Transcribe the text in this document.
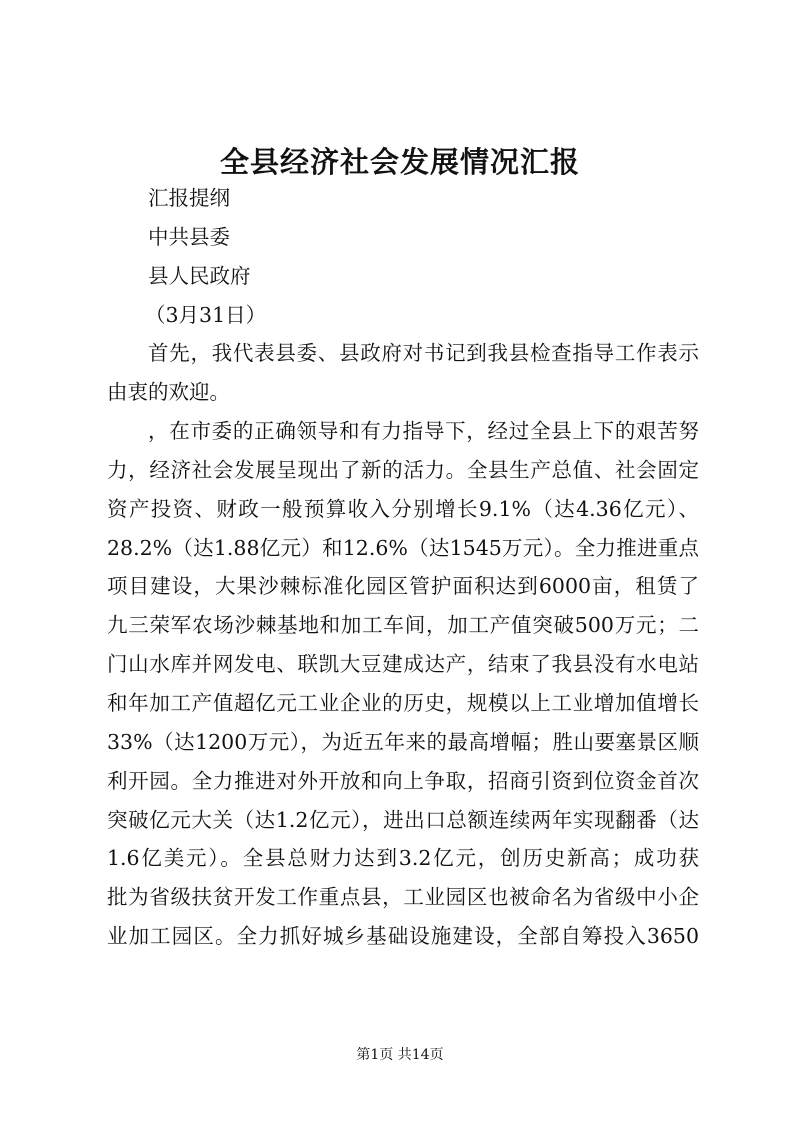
全县经济社会发展情况汇报
汇报提纲
中共县委
县人民政府
（3月31日）
首先，我代表县委、县政府对书记到我县检查指导工作表示
由衷的欢迎。
，在市委的正确领导和有力指导下，经过全县上下的艰苦努
力，经济社会发展呈现出了新的活力。全县生产总值、社会固定
资产投资、财政一般预算收入分别增长9.1%（达4.36亿元）、
28.2%（达1.88亿元）和12.6%（达1545万元）。全力推进重点
项目建设，大果沙棘标准化园区管护面积达到6000亩，租赁了
九三荣军农场沙棘基地和加工车间，加工产值突破500万元；二
门山水库并网发电、联凯大豆建成达产，结束了我县没有水电站
和年加工产值超亿元工业企业的历史，规模以上工业增加值增长
33%（达1200万元），为近五年来的最高增幅；胜山要塞景区顺
利开园。全力推进对外开放和向上争取，招商引资到位资金首次
突破亿元大关（达1.2亿元），进出口总额连续两年实现翻番（达
1.6亿美元）。全县总财力达到3.2亿元，创历史新高；成功获
批为省级扶贫开发工作重点县，工业园区也被命名为省级中小企
业加工园区。全力抓好城乡基础设施建设，全部自筹投入3650
第1页 共14页
